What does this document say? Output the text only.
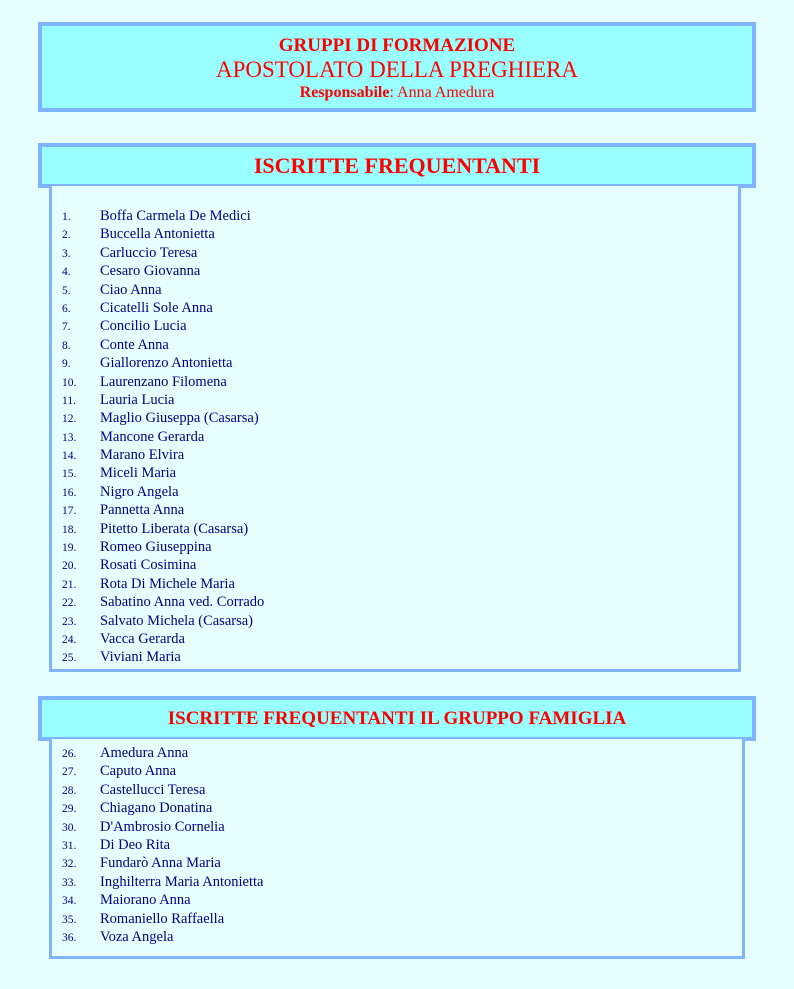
GRUPPI DI FORMAZIONE
APOSTOLATO DELLA PREGHIERA
Responsabile: Anna Amedura
ISCRITTE FREQUENTANTI
1. Boffa Carmela De Medici
2. Buccella Antonietta
3. Carluccio Teresa
4. Cesaro Giovanna
5. Ciao Anna
6. Cicatelli Sole Anna
7. Concilio Lucia
8. Conte Anna
9. Giallorenzo Antonietta
10. Laurenzano Filomena
11. Lauria Lucia
12. Maglio Giuseppa (Casarsa)
13. Mancone Gerarda
14. Marano Elvira
15. Miceli Maria
16. Nigro Angela
17. Pannetta Anna
18. Pitetto Liberata (Casarsa)
19. Romeo Giuseppina
20. Rosati Cosimina
21. Rota Di Michele Maria
22. Sabatino Anna ved. Corrado
23. Salvato Michela (Casarsa)
24. Vacca Gerarda
25. Viviani Maria
ISCRITTE FREQUENTANTI IL GRUPPO FAMIGLIA
26. Amedura Anna
27. Caputo Anna
28. Castellucci Teresa
29. Chiagano Donatina
30. D'Ambrosio Cornelia
31. Di Deo Rita
32. Fundarò Anna Maria
33. Inghilterra Maria Antonietta
34. Maiorano Anna
35. Romaniello Raffaella
36. Voza Angela
